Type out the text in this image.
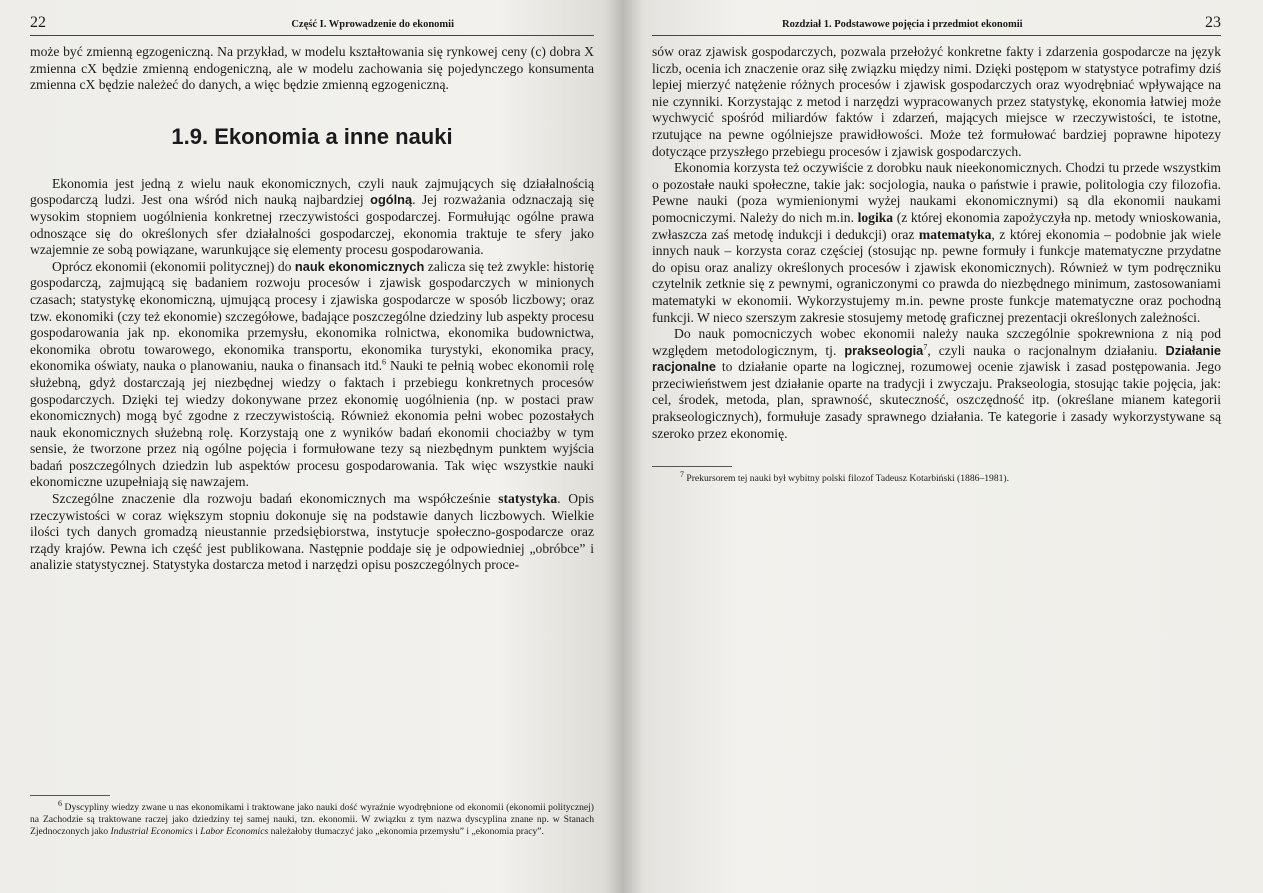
22	Część I. Wprowadzenie do ekonomii

może być zmienną egzogeniczną. Na przykład, w modelu kształtowania się rynkowej ceny (c) dobra X zmienna cX będzie zmienną endogeniczną, ale w modelu zachowania się pojedynczego konsumenta zmienna cX będzie należeć do danych, a więc będzie zmienną egzogeniczną.

1.9. Ekonomia a inne nauki

Ekonomia jest jedną z wielu nauk ekonomicznych, czyli nauk zajmujących się działalnością gospodarczą ludzi. Jest ona wśród nich nauką najbardziej ogólną. Jej rozważania odznaczają się wysokim stopniem uogólnienia konkretnej rzeczywistości gospodarczej. Formułując ogólne prawa odnoszące się do określonych sfer działalności gospodarczej, ekonomia traktuje te sfery jako wzajemnie ze sobą powiązane, warunkujące się elementy procesu gospodarowania.

Oprócz ekonomii (ekonomii politycznej) do nauk ekonomicznych zalicza się też zwykle: historię gospodarczą, zajmującą się badaniem rozwoju procesów i zjawisk gospodarczych w minionych czasach; statystykę ekonomiczną, ujmującą procesy i zjawiska gospodarcze w sposób liczbowy; oraz tzw. ekonomiki (czy też ekonomie) szczegółowe, badające poszczególne dziedziny lub aspekty procesu gospodarowania jak np. ekonomika przemysłu, ekonomika rolnictwa, ekonomika budownictwa, ekonomika obrotu towarowego, ekonomika transportu, ekonomika turystyki, ekonomika pracy, ekonomika oświaty, nauka o planowaniu, nauka o finansach itd.$^6$ Nauki te pełnią wobec ekonomii rolę służebną, gdyż dostarczają jej niezbędnej wiedzy o faktach i przebiegu konkretnych procesów gospodarczych. Dzięki tej wiedzy dokonywane przez ekonomię uogólnienia (np. w postaci praw ekonomicznych) mogą być zgodne z rzeczywistością. Również ekonomia pełni wobec pozostałych nauk ekonomicznych służebną rolę. Korzystają one z wyników badań ekonomii chociażby w tym sensie, że tworzone przez nią ogólne pojęcia i formułowane tezy są niezbędnym punktem wyjścia badań poszczególnych dziedzin lub aspektów procesu gospodarowania. Tak więc wszystkie nauki ekonomiczne uzupełniają się nawzajem.

Szczególne znaczenie dla rozwoju badań ekonomicznych ma współcześnie statystyka. Opis rzeczywistości w coraz większym stopniu dokonuje się na podstawie danych liczbowych. Wielkie ilości tych danych gromadzą nieustannie przedsiębiorstwa, instytucje społeczno-gospodarcze oraz rządy krajów. Pewna ich część jest publikowana. Następnie poddaje się je odpowiedniej „obróbce” i analizie statystycznej. Statystyka dostarcza metod i narzędzi opisu poszczególnych proce-

$^6$ Dyscypliny wiedzy zwane u nas ekonomikami i traktowane jako nauki dość wyraźnie wyodrębnione od ekonomii (ekonomii politycznej) na Zachodzie są traktowane raczej jako dziedziny tej samej nauki, tzn. ekonomii. W związku z tym nazwa dyscyplina znane np. w Stanach Zjednoczonych jako Industrial Economics i Labor Economics należałoby tłumaczyć jako „ekonomia przemysłu” i „ekonomia pracy”.

Rozdział 1. Podstawowe pojęcia i przedmiot ekonomii	23

sów oraz zjawisk gospodarczych, pozwala przełożyć konkretne fakty i zdarzenia gospodarcze na język liczb, ocenia ich znaczenie oraz siłę związku między nimi. Dzięki postępom w statystyce potrafimy dziś lepiej mierzyć natężenie różnych procesów i zjawisk gospodarczych oraz wyodrębniać wpływające na nie czynniki. Korzystając z metod i narzędzi wypracowanych przez statystykę, ekonomia łatwiej może wychwycić spośród miliardów faktów i zdarzeń, mających miejsce w rzeczywistości, te istotne, rzutujące na pewne ogólniejsze prawidłowości. Może też formułować bardziej poprawne hipotezy dotyczące przyszłego przebiegu procesów i zjawisk gospodarczych.

Ekonomia korzysta też oczywiście z dorobku nauk nieekonomicznych. Chodzi tu przede wszystkim o pozostałe nauki społeczne, takie jak: socjologia, nauka o państwie i prawie, politologia czy filozofia. Pewne nauki (poza wymienionymi wyżej naukami ekonomicznymi) są dla ekonomii naukami pomocniczymi. Należy do nich m.in. logika (z której ekonomia zapożyczyła np. metody wnioskowania, zwłaszcza zaś metodę indukcji i dedukcji) oraz matematyka, z której ekonomia – podobnie jak wiele innych nauk – korzysta coraz częściej (stosując np. pewne formuły i funkcje matematyczne przydatne do opisu oraz analizy określonych procesów i zjawisk ekonomicznych). Również w tym podręczniku czytelnik zetknie się z pewnymi, ograniczonymi co prawda do niezbędnego minimum, zastosowaniami matematyki w ekonomii. Wykorzystujemy m.in. pewne proste funkcje matematyczne oraz pochodną funkcji. W nieco szerszym zakresie stosujemy metodę graficznej prezentacji określonych zależności.

Do nauk pomocniczych wobec ekonomii należy nauka szczególnie spokrewniona z nią pod względem metodologicznym, tj. prakseologia$^7$, czyli nauka o racjonalnym działaniu. Działanie racjonalne to działanie oparte na logicznej, rozumowej ocenie zjawisk i zasad postępowania. Jego przeciwieństwem jest działanie oparte na tradycji i zwyczaju. Prakseologia, stosując takie pojęcia, jak: cel, środek, metoda, plan, sprawność, skuteczność, oszczędność itp. (określane mianem kategorii prakseologicznych), formułuje zasady sprawnego działania. Te kategorie i zasady wykorzystywane są szeroko przez ekonomię.

$^7$ Prekursorem tej nauki był wybitny polski filozof Tadeusz Kotarbiński (1886–1981).
